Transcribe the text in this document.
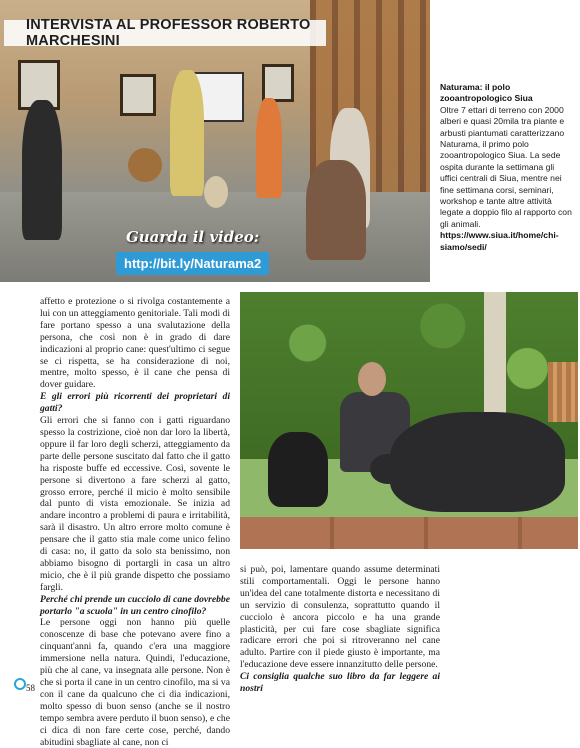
INTERVISTA AL PROFESSOR ROBERTO MARCHESINI
Guarda il video:
http://bit.ly/Naturama2
Naturama: il polo zooantropologico Siua
Oltre 7 ettari di terreno con 2000 alberi e quasi 20mila tra piante e arbusti piantumati caratterizzano Naturama, il primo polo zooantropologico Siua. La sede ospita durante la settimana gli uffici centrali di Siua, mentre nei fine settimana corsi, seminari, workshop e tante altre attività legate a doppio filo al rapporto con gli animali.
https://www.siua.it/home/chi-siamo/sedi/

affetto e protezione o si rivolga costantemente a lui con un atteggiamento genitoriale. Tali modi di fare portano spesso a una svalutazione della persona, che così non è in grado di dare indicazioni al proprio cane: quest'ultimo ci segue se ci rispetta, se ha considerazione di noi, mentre, molto spesso, è il cane che pensa di dover guidare.

E gli errori più ricorrenti dei proprietari di gatti?

Gli errori che si fanno con i gatti riguardano spesso la costrizione, cioè non dar loro la libertà, oppure il far loro degli scherzi, atteggiamento da parte delle persone suscitato dal fatto che il gatto ha risposte buffe ed eccessive. Così, sovente le persone si divertono a fare scherzi al gatto, grosso errore, perché il micio è molto sensibile dal punto di vista emozionale. Se inizia ad andare incontro a problemi di paura e irritabilità, sarà il disastro. Un altro errore molto comune è pensare che il gatto stia male come unico felino di casa: no, il gatto da solo sta benissimo, non abbiamo bisogno di portargli in casa un altro micio, che è il più grande dispetto che possiamo fargli.

Perché chi prende un cucciolo di cane dovrebbe portarlo "a scuola" in un centro cinofilo?

Le persone oggi non hanno più quelle conoscenze di base che potevano avere fino a cinquant'anni fa, quando c'era una maggiore immersione nella natura. Quindi, l'educazione, più che al cane, va insegnata alle persone. Non è che si porta il cane in un centro cinofilo, ma si va con il cane da qualcuno che ci dia indicazioni, molto spesso di buon senso (anche se il nostro tempo sembra avere perduto il buon senso), e che ci dica di non fare certe cose, perché, dando abitudini sbagliate al cane, non ci

si può, poi, lamentare quando assume determinati stili comportamentali. Oggi le persone hanno un'idea del cane totalmente distorta e necessitano di un servizio di consulenza, soprattutto quando il cucciolo è ancora piccolo e ha una grande plasticità, per cui fare cose sbagliate significa radicare errori che poi si ritroveranno nel cane adulto. Partire con il piede giusto è importante, ma l'educazione deve essere innanzitutto delle persone.

Ci consiglia qualche suo libro da far leggere ai nostri

58
